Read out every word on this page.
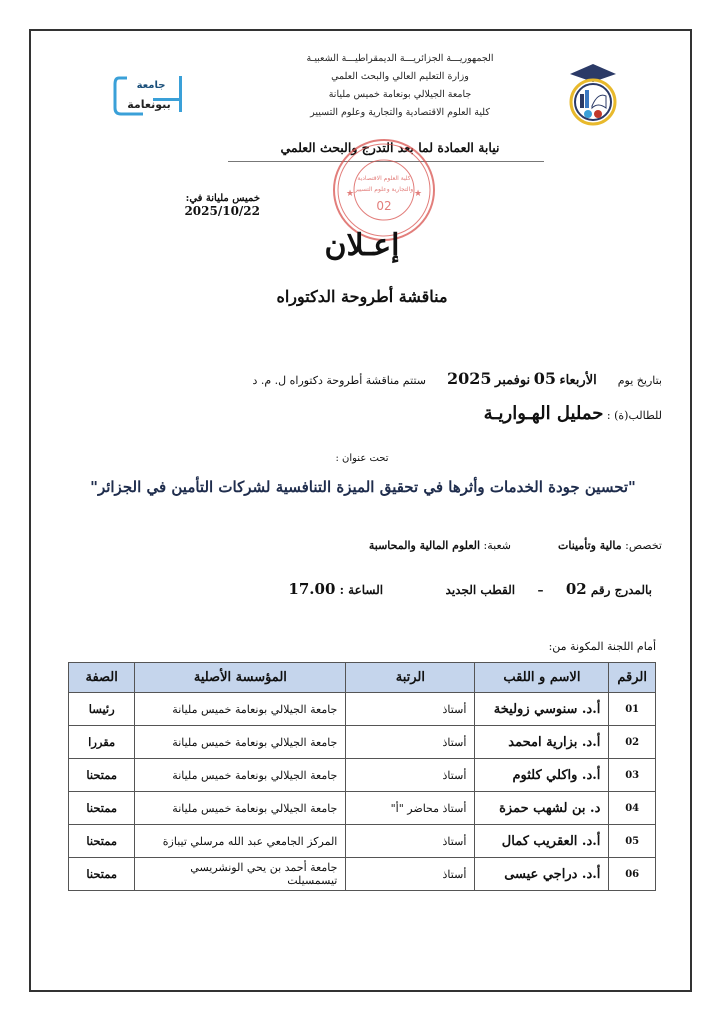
جامعة
ببونعامة
الجمهوريـــة الجزائريـــة الديمقراطيـــة الشعبيـة
وزارة التعليم العالي والبحث العلمي
جامعة الجيلالي بونعامة خميس مليانة
كلية العلوم الاقتصادية والتجارية وعلوم التسيير
نيابة العمادة لما بعد التدرج والبحث العلمي
كلية العلوم الاقتصادية
والتجارية وعلوم التسيير
02
★	★
خميس مليانة في: 2025/10/22
إعـلان
مناقشة أطروحة الدكتوراه
بتاريخ يوم  الأربعاء 05 نوفمبر 2025  ستتم مناقشة أطروحة دكتوراه ل. م. د
للطالب(ة) : حمليل الهـواريـة
تحت عنوان :
"تحسين جودة الخدمات وأثرها في تحقيق الميزة التنافسية لشركات التأمين في الجزائر"
تخصص: مالية وتأمينات  شعبة: العلوم المالية والمحاسبة
بالمدرج رقم 02  –  القطب الجديد  الساعة : 17.00
أمام اللجنة المكونة من:
الرقم	الاسم و اللقب	الرتبة	المؤسسة الأصلية	الصفة
01	أ.د. سنوسي زوليخة	أستاذ	جامعة الجيلالي بونعامة خميس مليانة	رئيسا
02	أ.د. بزارية امحمد	أستاذ	جامعة الجيلالي بونعامة خميس مليانة	مقررا
03	أ.د. واكلي كلثوم	أستاذ	جامعة الجيلالي بونعامة خميس مليانة	ممتحنا
04	د. بن لشهب حمزة	أستاذ محاضر "أ"	جامعة الجيلالي بونعامة خميس مليانة	ممتحنا
05	أ.د. العقريب كمال	أستاذ	المركز الجامعي عبد الله مرسلي تيبازة	ممتحنا
06	أ.د. دراجي عيسى	أستاذ	جامعة أحمد بن يحي الونشريسي تيسمسيلت	ممتحنا
